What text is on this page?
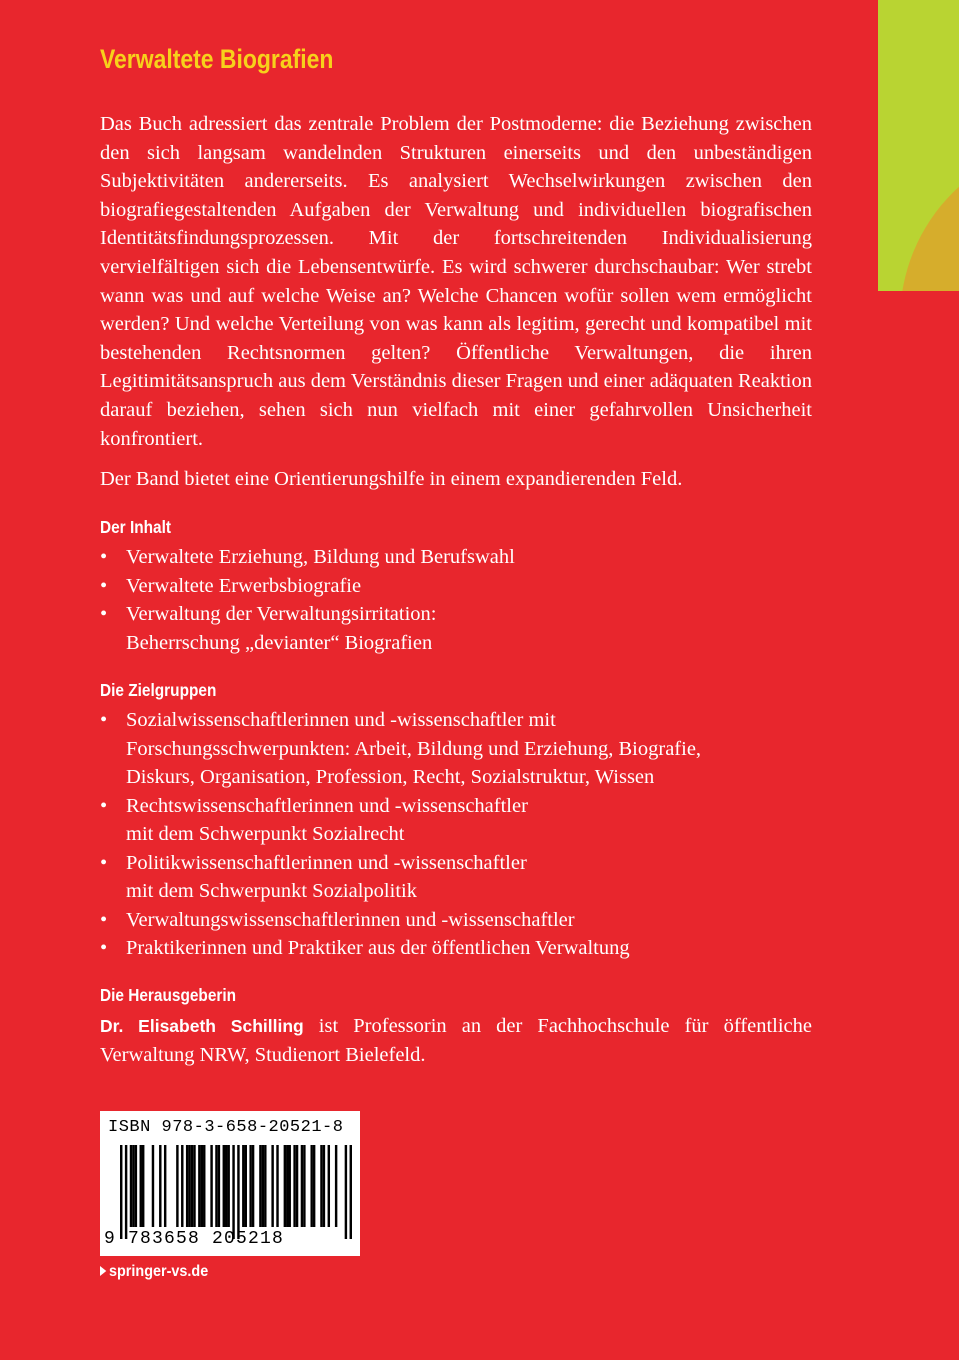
Verwaltete Biografien

Das Buch adressiert das zentrale Problem der Postmoderne: die Beziehung zwischen den sich langsam wandelnden Strukturen einerseits und den unbeständigen Subjektivitäten andererseits. Es analysiert Wechselwirkungen zwischen den biografiegestaltenden Aufgaben der Verwaltung und individuellen biografischen Identitätsfindungsprozessen. Mit der fortschreitenden Individualisierung vervielfältigen sich die Lebensentwürfe. Es wird schwerer durchschaubar: Wer strebt wann was und auf welche Weise an? Welche Chancen wofür sollen wem ermöglicht werden? Und welche Verteilung von was kann als legitim, gerecht und kompatibel mit bestehenden Rechtsnormen gelten? Öffentliche Verwaltungen, die ihren Legitimitätsanspruch aus dem Verständnis dieser Fragen und einer adäquaten Reaktion darauf beziehen, sehen sich nun vielfach mit einer gefahrvollen Unsicherheit konfrontiert.

Der Band bietet eine Orientierungshilfe in einem expandierenden Feld.

Der Inhalt
• Verwaltete Erziehung, Bildung und Berufswahl
• Verwaltete Erwerbsbiografie
• Verwaltung der Verwaltungsirritation:
Beherrschung „devianter“ Biografien
Die Zielgruppen
• Sozialwissenschaftlerinnen und -wissenschaftler mit
Forschungsschwerpunkten: Arbeit, Bildung und Erziehung, Biografie,
Diskurs, Organisation, Profession, Recht, Sozialstruktur, Wissen
• Rechtswissenschaftlerinnen und -wissenschaftler
mit dem Schwerpunkt Sozialrecht
• Politikwissenschaftlerinnen und -wissenschaftler
mit dem Schwerpunkt Sozialpolitik
• Verwaltungswissenschaftlerinnen und -wissenschaftler
• Praktikerinnen und Praktiker aus der öffentlichen Verwaltung
Die Herausgeberin
Dr. Elisabeth Schilling ist Professorin an der Fachhochschule für öffentliche Verwaltung NRW, Studienort Bielefeld.
ISBN 978-3-658-20521-8
9 783658 205218
springer-vs.de
